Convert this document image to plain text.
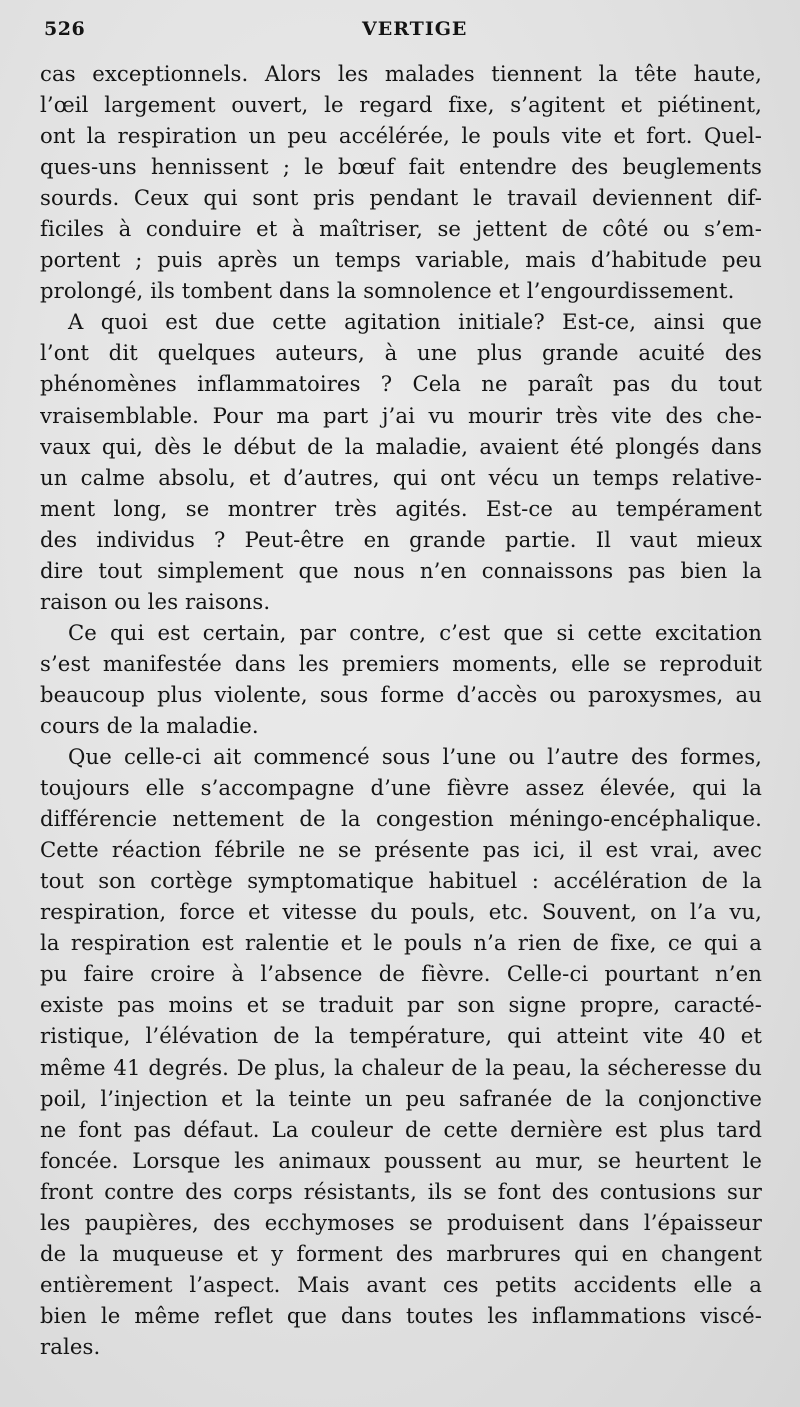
526	VERTIGE
cas exceptionnels. Alors les malades tiennent la tête haute,
l’œil largement ouvert, le regard fixe, s’agitent et piétinent,
ont la respiration un peu accélérée, le pouls vite et fort. Quel-
ques-uns hennissent ; le bœuf fait entendre des beuglements
sourds. Ceux qui sont pris pendant le travail deviennent dif-
ficiles à conduire et à maîtriser, se jettent de côté ou s’em-
portent ; puis après un temps variable, mais d’habitude peu
prolongé, ils tombent dans la somnolence et l’engourdissement.
A quoi est due cette agitation initiale? Est-ce, ainsi que
l’ont dit quelques auteurs, à une plus grande acuité des
phénomènes inflammatoires ? Cela ne paraît pas du tout
vraisemblable. Pour ma part j’ai vu mourir très vite des che-
vaux qui, dès le début de la maladie, avaient été plongés dans
un calme absolu, et d’autres, qui ont vécu un temps relative-
ment long, se montrer très agités. Est-ce au tempérament
des individus ? Peut-être en grande partie. Il vaut mieux
dire tout simplement que nous n’en connaissons pas bien la
raison ou les raisons.
Ce qui est certain, par contre, c’est que si cette excitation
s’est manifestée dans les premiers moments, elle se reproduit
beaucoup plus violente, sous forme d’accès ou paroxysmes, au
cours de la maladie.
Que celle-ci ait commencé sous l’une ou l’autre des formes,
toujours elle s’accompagne d’une fièvre assez élevée, qui la
différencie nettement de la congestion méningo-encéphalique.
Cette réaction fébrile ne se présente pas ici, il est vrai, avec
tout son cortège symptomatique habituel : accélération de la
respiration, force et vitesse du pouls, etc. Souvent, on l’a vu,
la respiration est ralentie et le pouls n’a rien de fixe, ce qui a
pu faire croire à l’absence de fièvre. Celle-ci pourtant n’en
existe pas moins et se traduit par son signe propre, caracté-
ristique, l’élévation de la température, qui atteint vite 40 et
même 41 degrés. De plus, la chaleur de la peau, la sécheresse du
poil, l’injection et la teinte un peu safranée de la conjonctive
ne font pas défaut. La couleur de cette dernière est plus tard
foncée. Lorsque les animaux poussent au mur, se heurtent le
front contre des corps résistants, ils se font des contusions sur
les paupières, des ecchymoses se produisent dans l’épaisseur
de la muqueuse et y forment des marbrures qui en changent
entièrement l’aspect. Mais avant ces petits accidents elle a
bien le même reflet que dans toutes les inflammations viscé-
rales.
